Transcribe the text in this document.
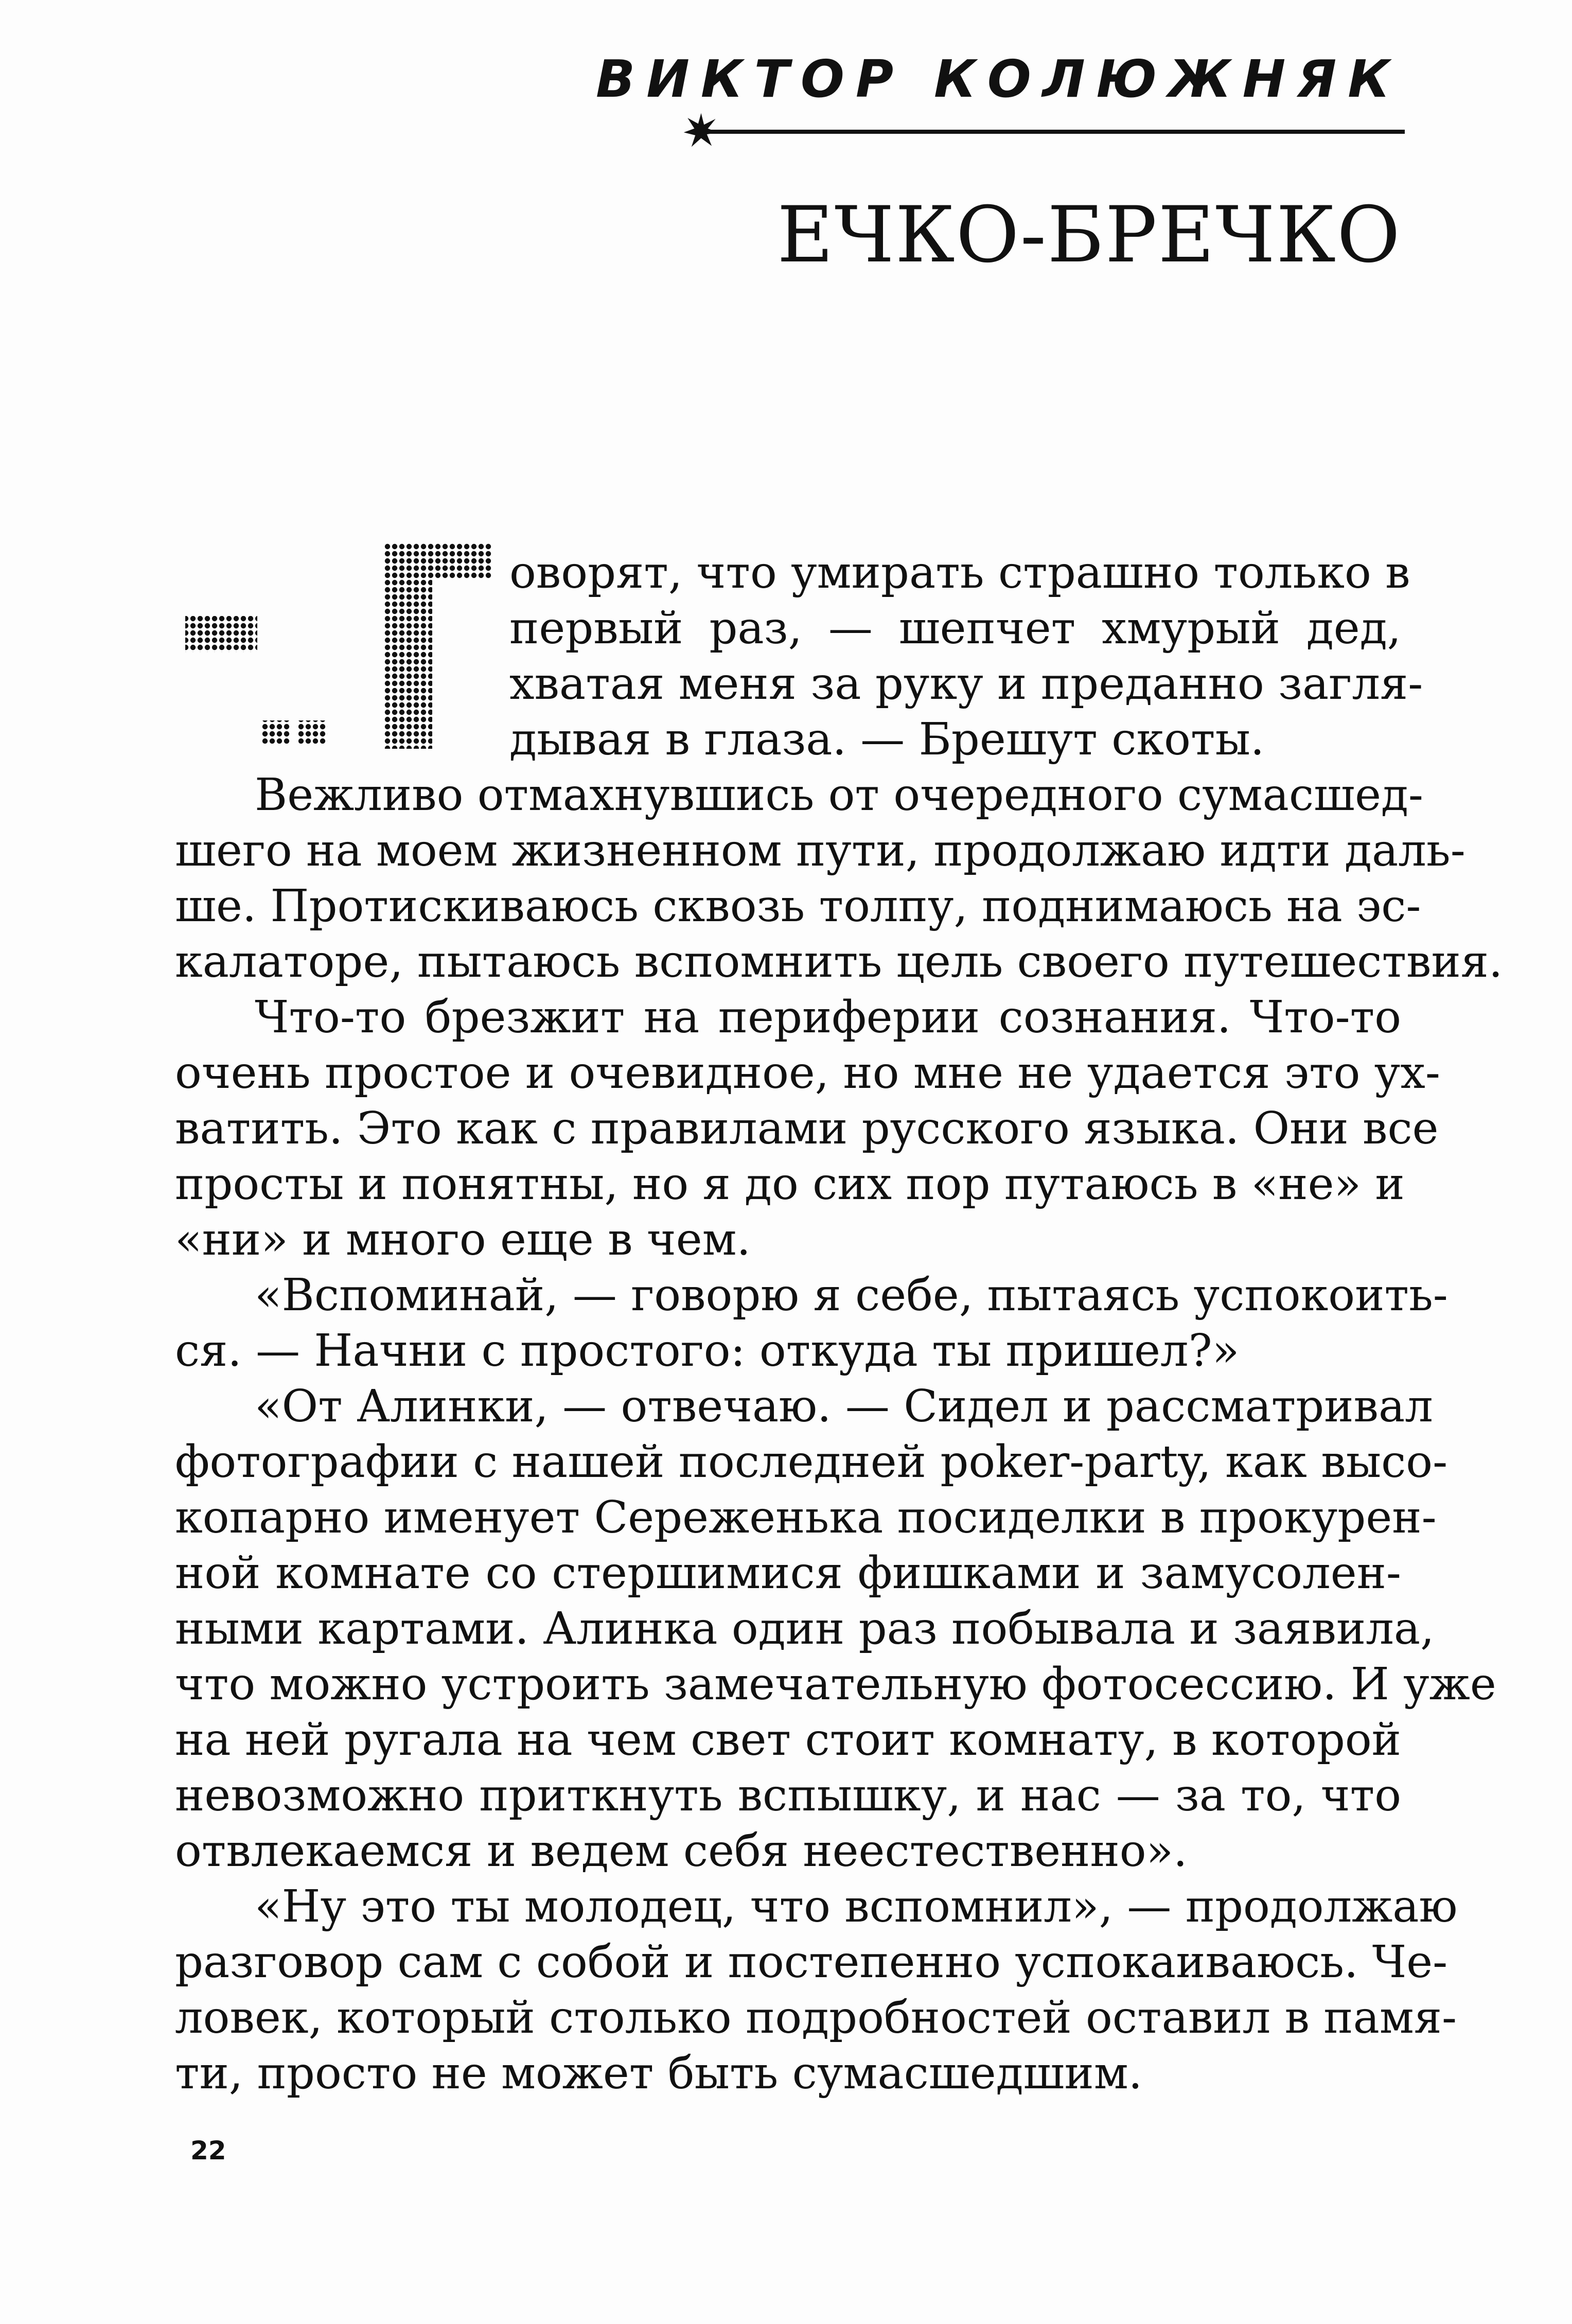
ВИКТОР КОЛЮЖНЯК
ЕЧКО-БРЕЧКО
оворят, что умирать страшно только в
первый раз, — шепчет хмурый дед,
хватая меня за руку и преданно загля-
дывая в глаза. — Брешут скоты.
Вежливо отмахнувшись от очередного сумасшед-
шего на моем жизненном пути, продолжаю идти даль-
ше. Протискиваюсь сквозь толпу, поднимаюсь на эс-
калаторе, пытаюсь вспомнить цель своего путешествия.
Что-то брезжит на периферии сознания. Что-то
очень простое и очевидное, но мне не удается это ух-
ватить. Это как с правилами русского языка. Они все
просты и понятны, но я до сих пор путаюсь в «не» и
«ни» и много еще в чем.
«Вспоминай, — говорю я себе, пытаясь успокоить-
ся. — Начни с простого: откуда ты пришел?»
«От Алинки, — отвечаю. — Сидел и рассматривал
фотографии с нашей последней poker-party, как высо-
копарно именует Сереженька посиделки в прокурен-
ной комнате со стершимися фишками и замусолен-
ными картами. Алинка один раз побывала и заявила,
что можно устроить замечательную фотосессию. И уже
на ней ругала на чем свет стоит комнату, в которой
невозможно приткнуть вспышку, и нас — за то, что
отвлекаемся и ведем себя неестественно».
«Ну это ты молодец, что вспомнил», — продолжаю
разговор сам с собой и постепенно успокаиваюсь. Че-
ловек, который столько подробностей оставил в памя-
ти, просто не может быть сумасшедшим.
22
